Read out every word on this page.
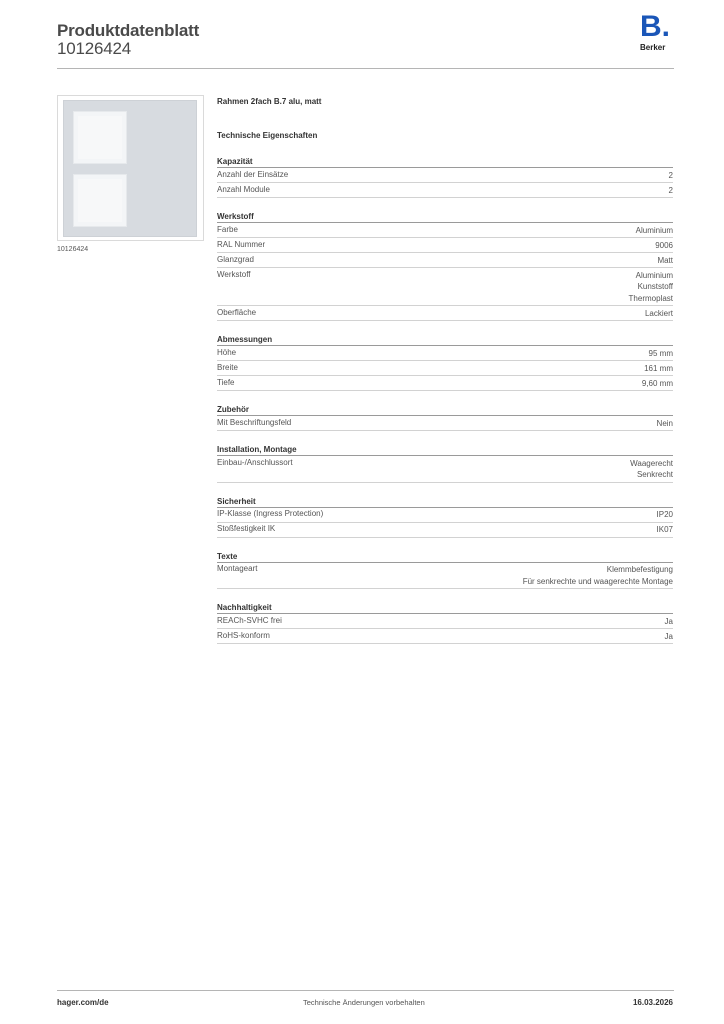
Produktdatenblatt
10126424
B.
Berker
10126424
Rahmen 2fach B.7 alu, matt
Technische Eigenschaften
Kapazität
Anzahl der Einsätze	2
Anzahl Module	2
Werkstoff
Farbe	Aluminium
RAL Nummer	9006
Glanzgrad	Matt
Werkstoff	Aluminium
Kunststoff
Thermoplast
Oberfläche	Lackiert
Abmessungen
Höhe	95 mm
Breite	161 mm
Tiefe	9,60 mm
Zubehör
Mit Beschriftungsfeld	Nein
Installation, Montage
Einbau-/Anschlussort	Waagerecht
Senkrecht
Sicherheit
IP-Klasse (Ingress Protection)	IP20
Stoßfestigkeit IK	IK07
Texte
Montageart	Klemmbefestigung
Für senkrechte und waagerechte Montage
Nachhaltigkeit
REACh-SVHC frei	Ja
RoHS-konform	Ja
hager.com/de	Technische Änderungen vorbehalten	16.03.2026
